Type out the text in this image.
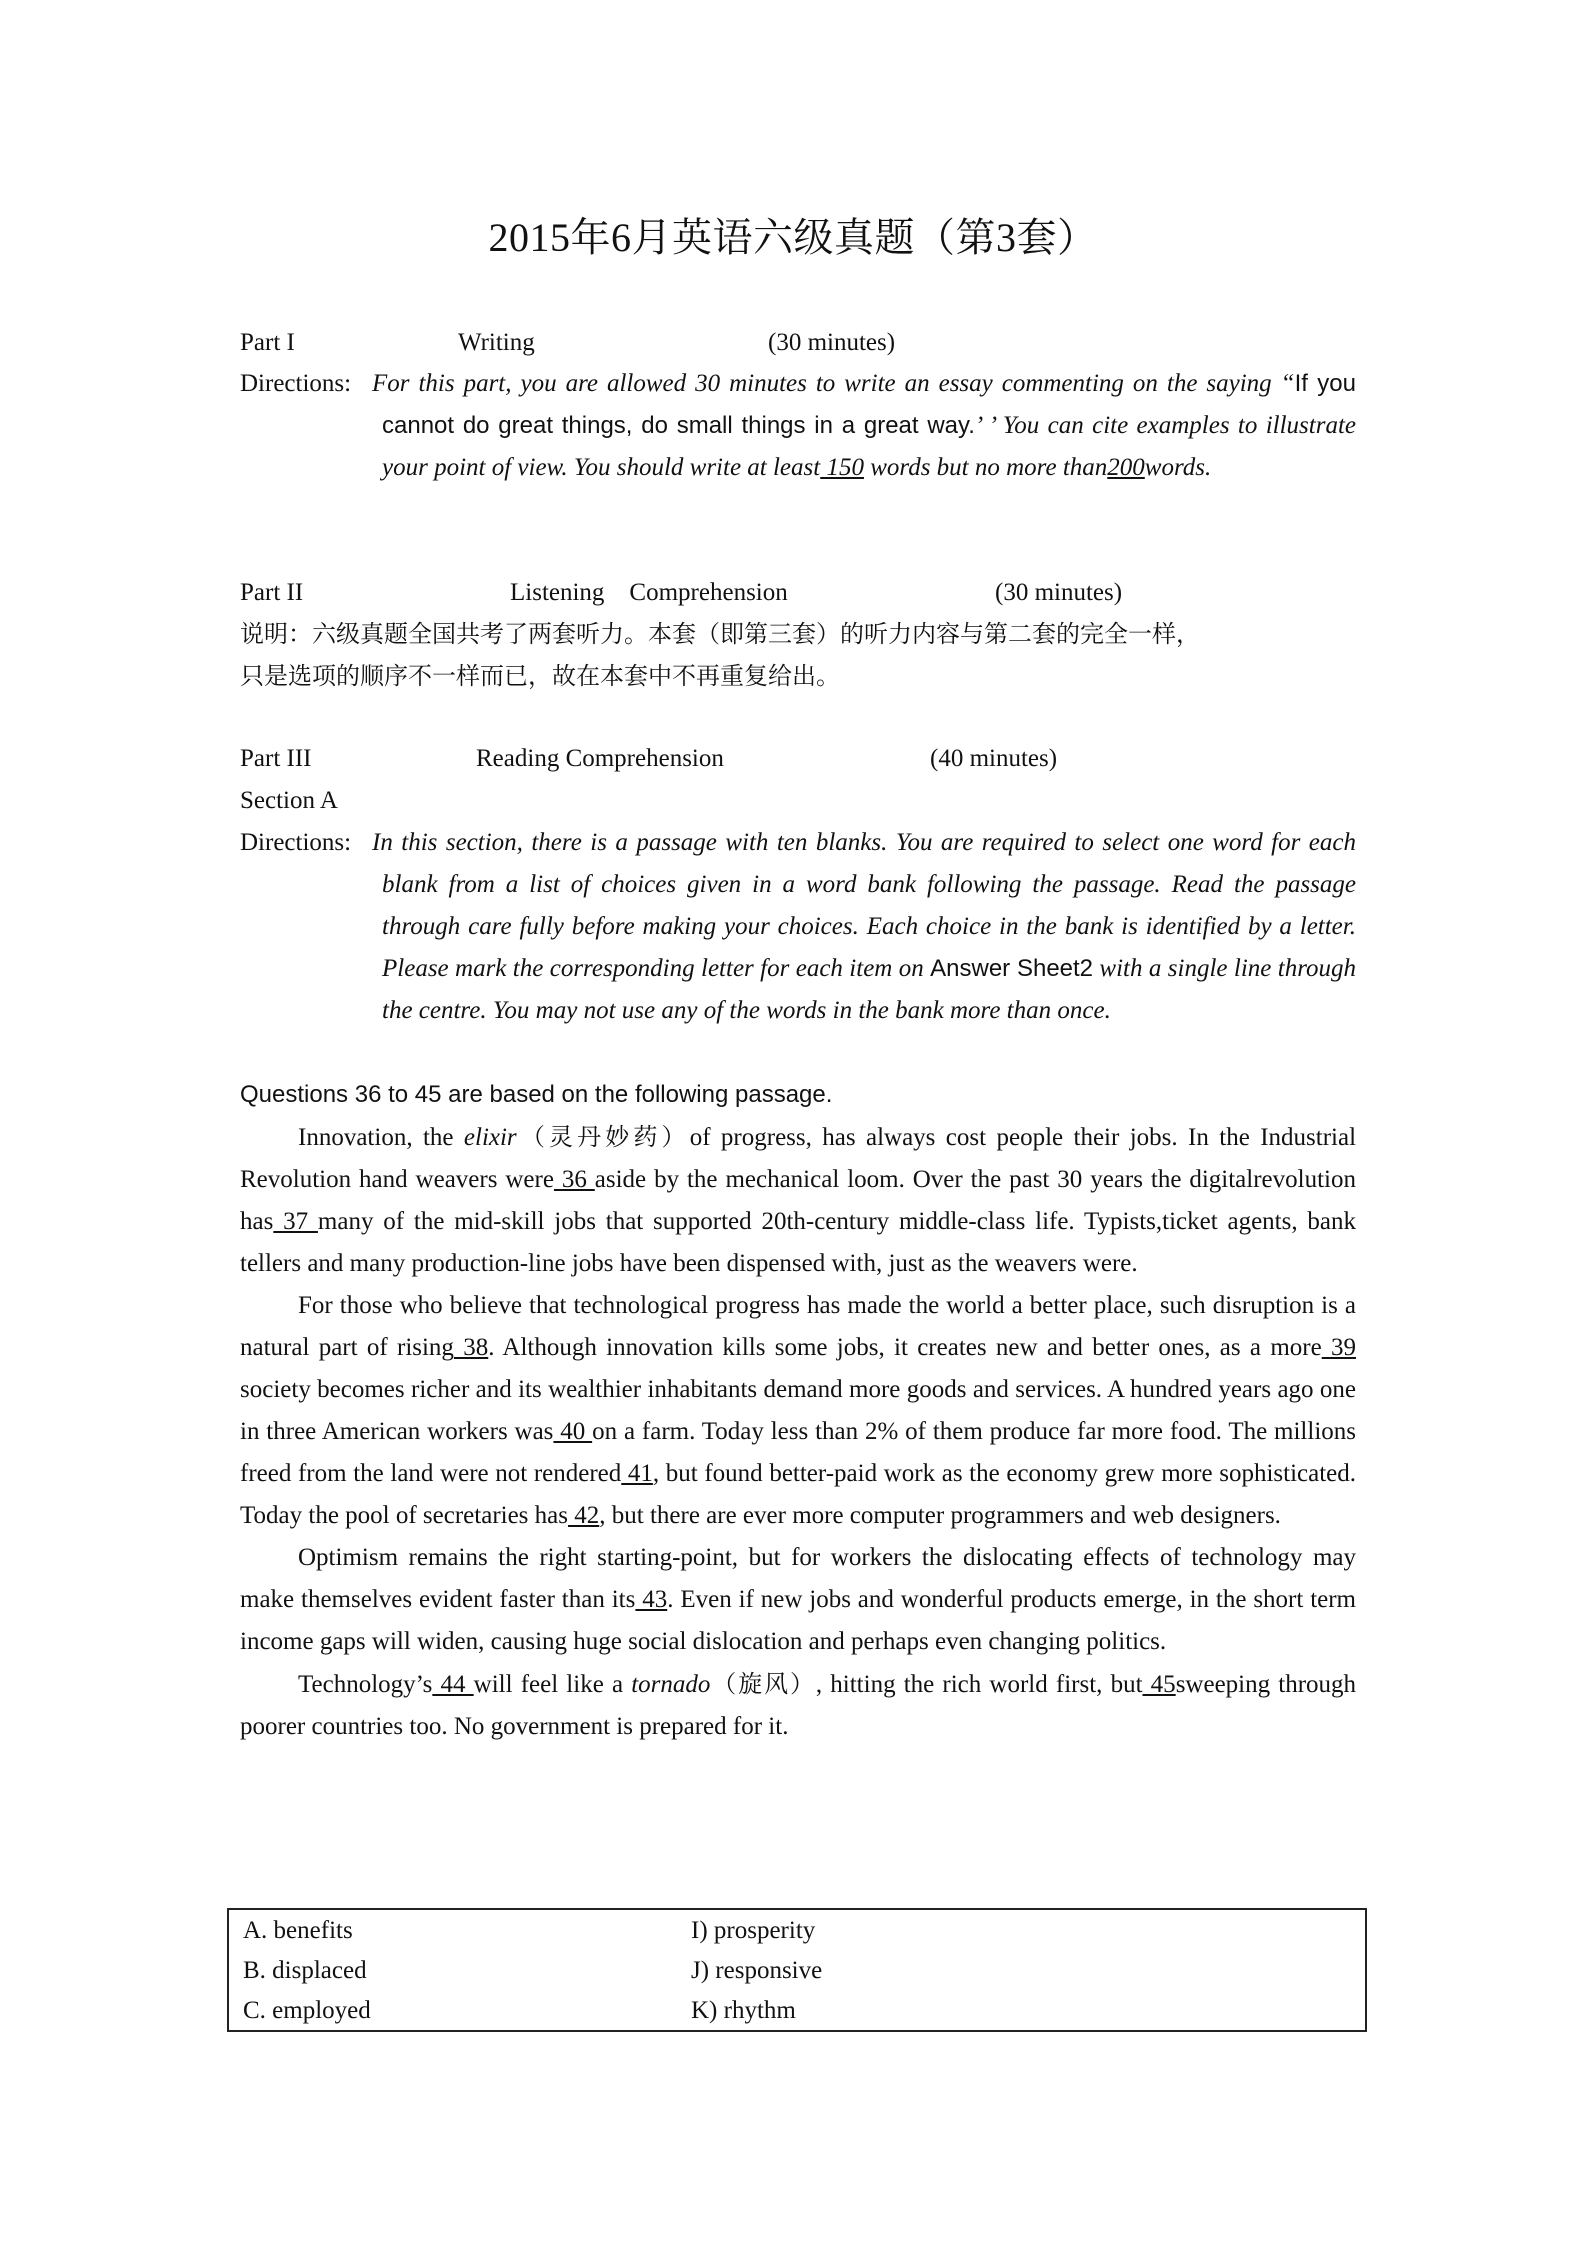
2015年6月英语六级真题（第3套）
Part I	Writing	(30 minutes)
Directions: For this part, you are allowed 30 minutes to write an essay commenting on the saying “If you cannot do great things, do small things in a great way.’ ’ You can cite examples to illustrate your point of view. You should write at least 150 words but no more than200words.
Part II	Listening    Comprehension	(30 minutes)
说明：六级真题全国共考了两套听力。本套（即第三套）的听力内容与第二套的完全一样，
只是选项的顺序不一样而已，故在本套中不再重复给出。
Part III	Reading Comprehension	(40 minutes)
Section A
Directions: In this section, there is a passage with ten blanks. You are required to select one word for each blank from a list of choices given in a word bank following the passage. Read the passage through care fully before making your choices. Each choice in the bank is identified by a letter. Please mark the corresponding letter for each item on Answer Sheet2 with a single line through the centre. You may not use any of the words in the bank more than once.
Questions 36 to 45 are based on the following passage.

Innovation, the elixir（灵丹妙药）of progress, has always cost people their jobs. In the Industrial Revolution hand weavers were 36 aside by the mechanical loom. Over the past 30 years the digitalrevolution has 37 many of the mid-skill jobs that supported 20th-century middle-class life. Typists,ticket agents, bank tellers and many production-line jobs have been dispensed with, just as the weavers were.

For those who believe that technological progress has made the world a better place, such disruption is a natural part of rising 38. Although innovation kills some jobs, it creates new and better ones, as a more 39 society becomes richer and its wealthier inhabitants demand more goods and services. A hundred years ago one in three American workers was 40 on a farm. Today less than 2% of them produce far more food. The millions freed from the land were not rendered 41, but found better-paid work as the economy grew more sophisticated. Today the pool of secretaries has 42, but there are ever more computer programmers and web designers.

Optimism remains the right starting-point, but for workers the dislocating effects of technology may make themselves evident faster than its 43. Even if new jobs and wonderful products emerge, in the short term income gaps will widen, causing huge social dislocation and perhaps even changing politics.

Technology’s 44 will feel like a tornado（旋风）, hitting the rich world first, but 45sweeping through poorer countries too. No government is prepared for it.

A. benefits	I) prosperity
B. displaced	J) responsive
C. employed	K) rhythm
